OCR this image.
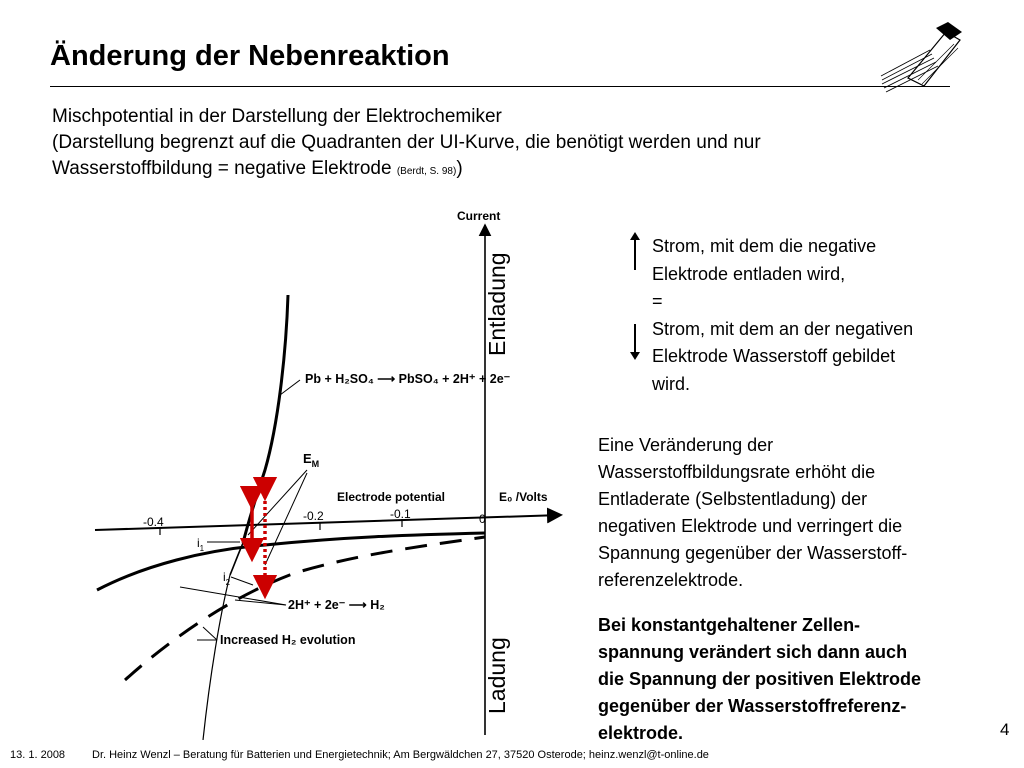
Änderung der Nebenreaktion
Mischpotential in der Darstellung der Elektrochemiker
(Darstellung begrenzt auf die Quadranten der UI-Kurve, die benötigt werden und nur
Wasserstoffbildung = negative Elektrode (Berdt, S. 98))
-0.4	-0.2	-0.1	0
Current
Electrode potential	E₀ /Volts
$E_M$
$i_1$
$i_2$
Pb + H₂SO₄ ⟶ PbSO₄ + 2H⁺ + 2e⁻
2H⁺ + 2e⁻ ⟶ H₂
Increased H₂ evolution
Entladung
Ladung
Strom, mit dem die negative
Elektrode entladen wird,
=
Strom, mit dem an der negativen
Elektrode Wasserstoff gebildet
wird.
Eine Veränderung der
Wasserstoffbildungsrate erhöht die
Entladerate (Selbstentladung) der
negativen Elektrode und verringert die
Spannung gegenüber der Wasserstoff-
referenzelektrode.
Bei konstantgehaltener Zellen-
spannung verändert sich dann auch
die Spannung der positiven Elektrode
gegenüber der Wasserstoffreferenz-
elektrode.	4
13. 1. 2008 Dr. Heinz Wenzl – Beratung für Batterien und Energietechnik; Am Bergwäldchen 27, 37520 Osterode; heinz.wenzl@t-online.de
